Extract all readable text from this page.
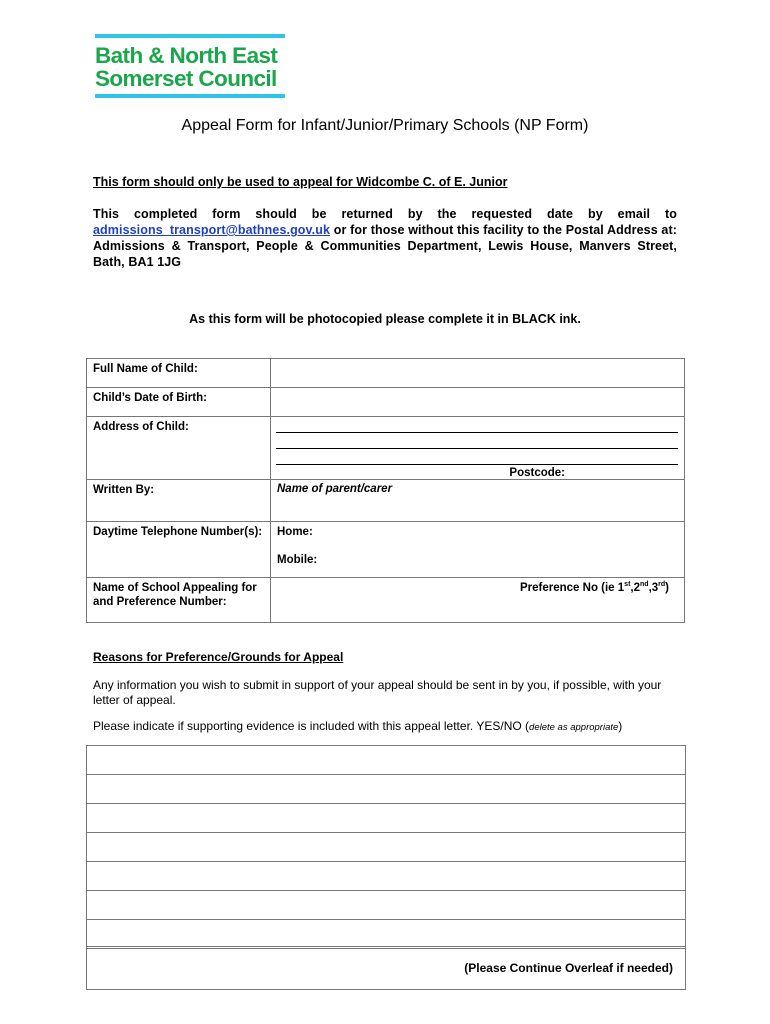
Bath & North East
Somerset Council
Appeal Form for Infant/Junior/Primary Schools (NP Form)
This form should only be used to appeal for Widcombe C. of E. Junior
This completed form should be returned by the requested date by email to admissions_transport@bathnes.gov.uk or for those without this facility to the Postal Address at: Admissions & Transport, People & Communities Department, Lewis House, Manvers Street, Bath, BA1 1JG
As this form will be photocopied please complete it in BLACK ink.
Full Name of Child:	
Child’s Date of Birth:	
Address of Child:	Postcode:

Written By:	Name of parent/carer

Daytime Telephone Number(s):	Home:
Mobile:

Name of School Appealing for and Preference Number:	Preference No (ie 1st,2nd,3rd)
Reasons for Preference/Grounds for Appeal
Any information you wish to submit in support of your appeal should be sent in by you, if possible, with your letter of appeal.
Please indicate if supporting evidence is included with this appeal letter. YES/NO (delete as appropriate)
(Please Continue Overleaf if needed)
